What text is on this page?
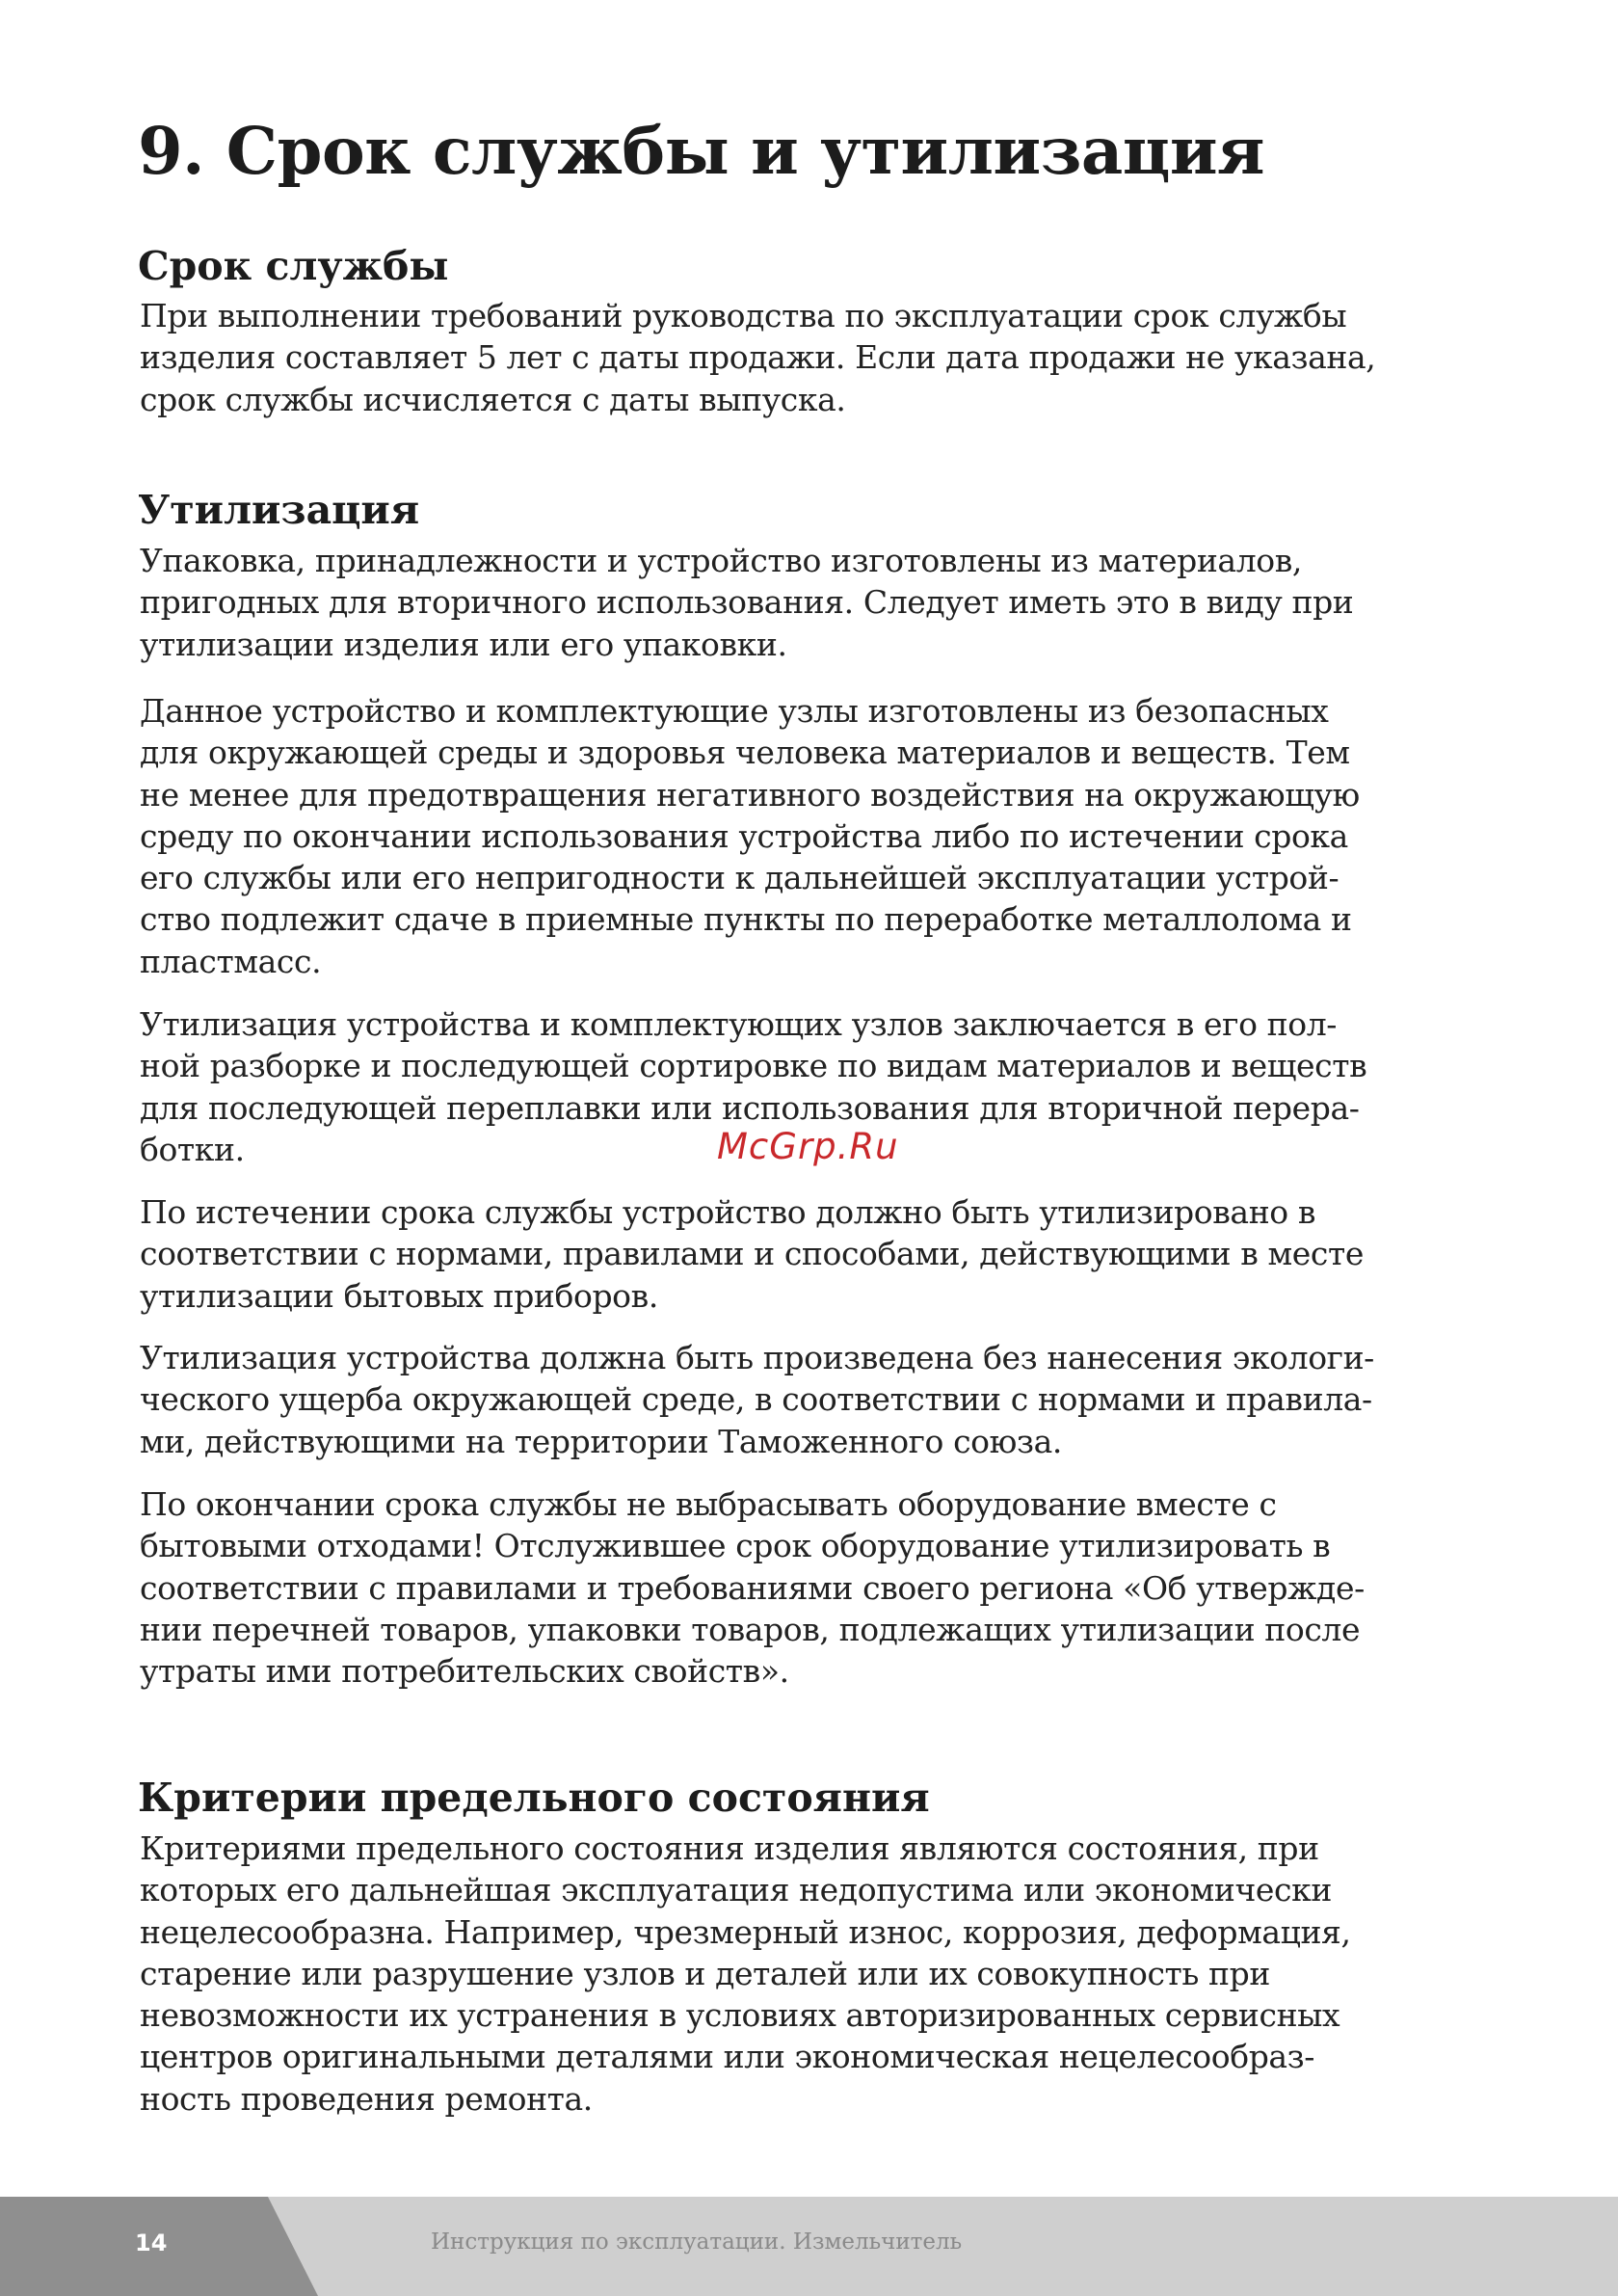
9. Срок службы и утилизация
Срок службы

При выполнении требований руководства по эксплуатации срок службы
изделия составляет 5 лет с даты продажи. Если дата продажи не указана,
срок службы исчисляется с даты выпуска.

Утилизация

Упаковка, принадлежности и устройство изготовлены из материалов,
пригодных для вторичного использования. Следует иметь это в виду при
утилизации изделия или его упаковки.

Данное устройство и комплектующие узлы изготовлены из безопасных
для окружающей среды и здоровья человека материалов и веществ. Тем
не менее для предотвращения негативного воздействия на окружающую
среду по окончании использования устройства либо по истечении срока
его службы или его непригодности к дальнейшей эксплуатации устрой-
ство подлежит сдаче в приемные пункты по переработке металлолома и
пластмасс.

Утилизация устройства и комплектующих узлов заключается в его пол-
ной разборке и последующей сортировке по видам материалов и веществ
для последующей переплавки или использования для вторичной перера-
ботки.

По истечении срока службы устройство должно быть утилизировано в
соответствии с нормами, правилами и способами, действующими в месте
утилизации бытовых приборов.

Утилизация устройства должна быть произведена без нанесения экологи-
ческого ущерба окружающей среде, в соответствии с нормами и правила-
ми, действующими на территории Таможенного союза.

По окончании срока службы не выбрасывать оборудование вместе с
бытовыми отходами! Отслужившее срок оборудование утилизировать в
соответствии с правилами и требованиями своего региона «Об утвержде-
нии перечней товаров, упаковки товаров, подлежащих утилизации после
утраты ими потребительских свойств».

Критерии предельного состояния

Критериями предельного состояния изделия являются состояния, при
которых его дальнейшая эксплуатация недопустима или экономически
нецелесообразна. Например, чрезмерный износ, коррозия, деформация,
старение или разрушение узлов и деталей или их совокупность при
невозможности их устранения в условиях авторизированных сервисных
центров оригинальными деталями или экономическая нецелесообраз-
ность проведения ремонта.

McGrp.Ru
14	Инструкция по эксплуатации. Измельчитель
